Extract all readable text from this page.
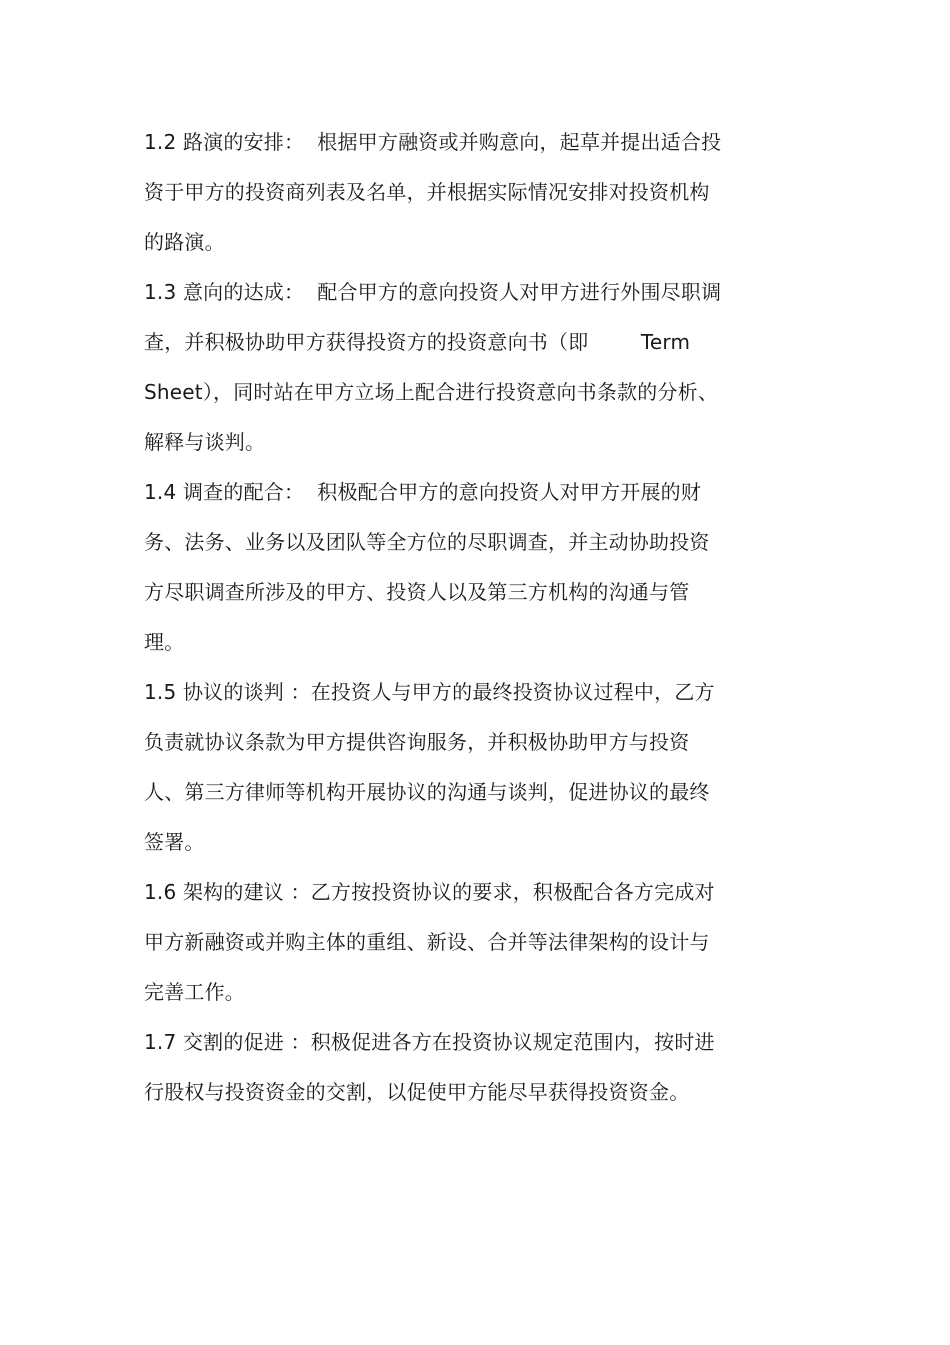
1.2 路演的安排：  根据甲方融资或并购意向，起草并提出适合投
资于甲方的投资商列表及名单，并根据实际情况安排对投资机构
的路演。
1.3 意向的达成：  配合甲方的意向投资人对甲方进行外围尽职调
查，并积极协助甲方获得投资方的投资意向书（即        Term
Sheet），同时站在甲方立场上配合进行投资意向书条款的分析、
解释与谈判。
1.4 调查的配合：  积极配合甲方的意向投资人对甲方开展的财
务、法务、业务以及团队等全方位的尽职调查，并主动协助投资
方尽职调查所涉及的甲方、投资人以及第三方机构的沟通与管
理。
1.5 协议的谈判 ：在投资人与甲方的最终投资协议过程中，乙方
负责就协议条款为甲方提供咨询服务，并积极协助甲方与投资
人、第三方律师等机构开展协议的沟通与谈判，促进协议的最终
签署。
1.6 架构的建议 ：乙方按投资协议的要求，积极配合各方完成对
甲方新融资或并购主体的重组、新设、合并等法律架构的设计与
完善工作。
1.7 交割的促进 ：积极促进各方在投资协议规定范围内，按时进
行股权与投资资金的交割，以促使甲方能尽早获得投资资金。
